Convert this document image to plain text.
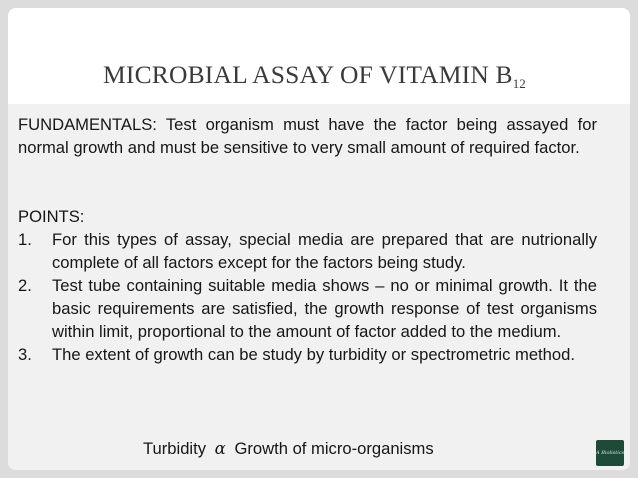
MICROBIAL ASSAY OF VITAMIN $B_{12}$
FUNDAMENTALS: Test organism must have the factor being assayed for normal growth and must be sensitive to very small amount of required factor.
POINTS:
1. For this types of assay, special media are prepared that are nutrionally complete of all factors except for the factors being study.
2. Test tube containing suitable media shows – no or minimal growth. It the basic requirements are satisfied, the growth response of test organisms within limit, proportional to the amount of factor added to the medium.
3. The extent of growth can be study by turbidity or spectrometric method.
Turbidity α Growth of micro-organisms	A Biolistics
